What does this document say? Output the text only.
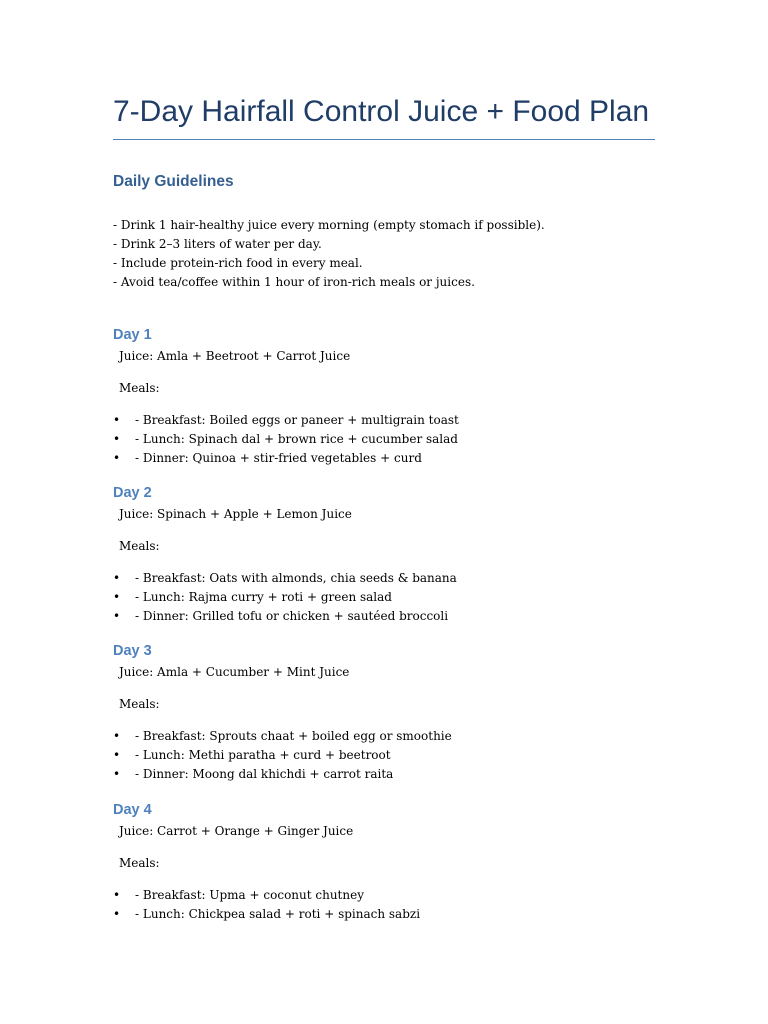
7-Day Hairfall Control Juice + Food Plan
Daily Guidelines
- Drink 1 hair-healthy juice every morning (empty stomach if possible).
- Drink 2–3 liters of water per day.
- Include protein-rich food in every meal.
- Avoid tea/coffee within 1 hour of iron-rich meals or juices.
Day 1
Juice: Amla + Beetroot + Carrot Juice
Meals:
• - Breakfast: Boiled eggs or paneer + multigrain toast
• - Lunch: Spinach dal + brown rice + cucumber salad
• - Dinner: Quinoa + stir-fried vegetables + curd
Day 2
Juice: Spinach + Apple + Lemon Juice
Meals:
• - Breakfast: Oats with almonds, chia seeds & banana
• - Lunch: Rajma curry + roti + green salad
• - Dinner: Grilled tofu or chicken + sautéed broccoli
Day 3
Juice: Amla + Cucumber + Mint Juice
Meals:
• - Breakfast: Sprouts chaat + boiled egg or smoothie
• - Lunch: Methi paratha + curd + beetroot
• - Dinner: Moong dal khichdi + carrot raita
Day 4
Juice: Carrot + Orange + Ginger Juice
Meals:
• - Breakfast: Upma + coconut chutney
• - Lunch: Chickpea salad + roti + spinach sabzi
